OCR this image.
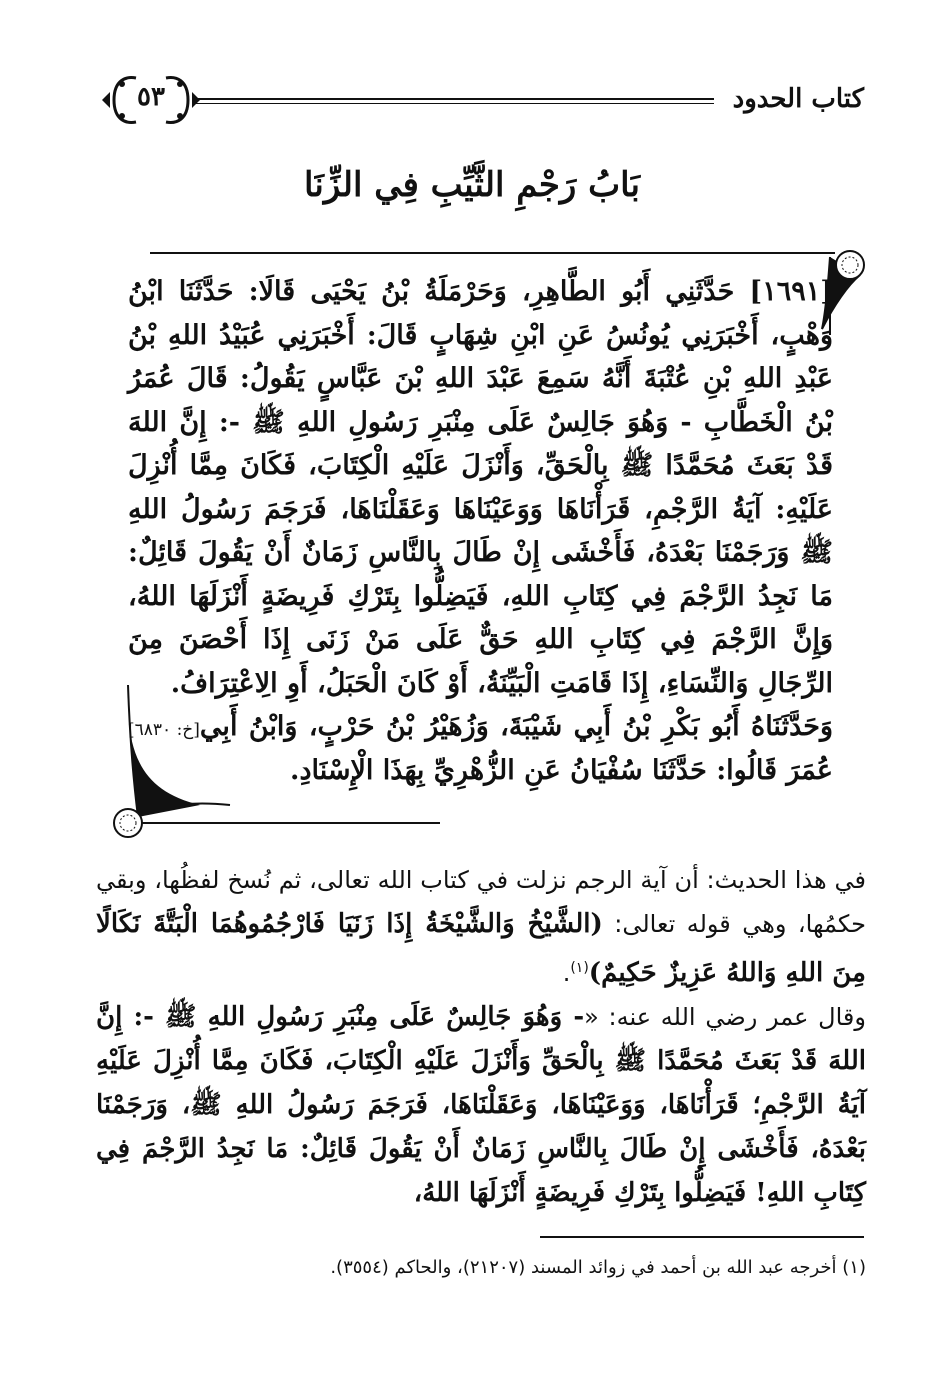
كتاب الحدود
٥٣
بَابُ رَجْمِ الثَّيِّبِ فِي الزِّنَا

[١٦٩١] حَدَّثَنِي أَبُو الطَّاهِرِ، وَحَرْمَلَةُ بْنُ يَحْيَى قَالَا: حَدَّثَنَا ابْنُ وَهْبٍ، أَخْبَرَنِي يُونُسُ عَنِ ابْنِ شِهَابٍ قَالَ: أَخْبَرَنِي عُبَيْدُ اللهِ بْنُ عَبْدِ اللهِ بْنِ عُتْبَةَ أَنَّهُ سَمِعَ عَبْدَ اللهِ بْنَ عَبَّاسٍ يَقُولُ: قَالَ عُمَرُ بْنُ الْخَطَّابِ - وَهُوَ جَالِسٌ عَلَى مِنْبَرِ رَسُولِ اللهِ ﷺ -: إِنَّ اللهَ قَدْ بَعَثَ مُحَمَّدًا ﷺ بِالْحَقِّ، وَأَنْزَلَ عَلَيْهِ الْكِتَابَ، فَكَانَ مِمَّا أُنْزِلَ عَلَيْهِ: آيَةُ الرَّجْمِ، قَرَأْنَاهَا وَوَعَيْنَاهَا وَعَقَلْنَاهَا، فَرَجَمَ رَسُولُ اللهِ ﷺ وَرَجَمْنَا بَعْدَهُ، فَأَخْشَى إِنْ طَالَ بِالنَّاسِ زَمَانٌ أَنْ يَقُولَ قَائِلٌ: مَا نَجِدُ الرَّجْمَ فِي كِتَابِ اللهِ، فَيَضِلُّوا بِتَرْكِ فَرِيضَةٍ أَنْزَلَهَا اللهُ، وَإِنَّ الرَّجْمَ فِي كِتَابِ اللهِ حَقٌّ عَلَى مَنْ زَنَى إِذَا أَحْصَنَ مِنَ الرِّجَالِ وَالنِّسَاءِ، إِذَا قَامَتِ الْبَيِّنَةُ، أَوْ كَانَ الْحَبَلُ، أَوِ الِاعْتِرَافُ.
[خ: ٦٨٣٠] وَحَدَّثَنَاهُ أَبُو بَكْرِ بْنُ أَبِي شَيْبَةَ، وَزُهَيْرُ بْنُ حَرْبٍ، وَابْنُ أَبِي عُمَرَ قَالُوا: حَدَّثَنَا سُفْيَانُ عَنِ الزُّهْرِيِّ بِهَذَا الْإِسْنَادِ.

في هذا الحديث: أن آية الرجم نزلت في كتاب الله تعالى، ثم نُسخ لفظُها، وبقي حكمُها، وهي قوله تعالى: (الشَّيْخُ وَالشَّيْخَةُ إِذَا زَنَيَا فَارْجُمُوهُمَا الْبَتَّةَ نَكَالًا مِنَ اللهِ وَاللهُ عَزِيزٌ حَكِيمٌ)$^{(١)}$.

وقال عمر رضي الله عنه: «- وَهُوَ جَالِسٌ عَلَى مِنْبَرِ رَسُولِ اللهِ ﷺ -: إِنَّ اللهَ قَدْ بَعَثَ مُحَمَّدًا ﷺ بِالْحَقِّ وَأَنْزَلَ عَلَيْهِ الْكِتَابَ، فَكَانَ مِمَّا أُنْزِلَ عَلَيْهِ آيَةُ الرَّجْمِ؛ قَرَأْنَاهَا، وَوَعَيْنَاهَا، وَعَقَلْنَاهَا، فَرَجَمَ رَسُولُ اللهِ ﷺ، وَرَجَمْنَا بَعْدَهُ، فَأَخْشَى إِنْ طَالَ بِالنَّاسِ زَمَانٌ أَنْ يَقُولَ قَائِلٌ: مَا نَجِدُ الرَّجْمَ فِي كِتَابِ اللهِ! فَيَضِلُّوا بِتَرْكِ فَرِيضَةٍ أَنْزَلَهَا اللهُ،

(١) أخرجه عبد الله بن أحمد في زوائد المسند (٢١٢٠٧)، والحاكم (٣٥٥٤).
